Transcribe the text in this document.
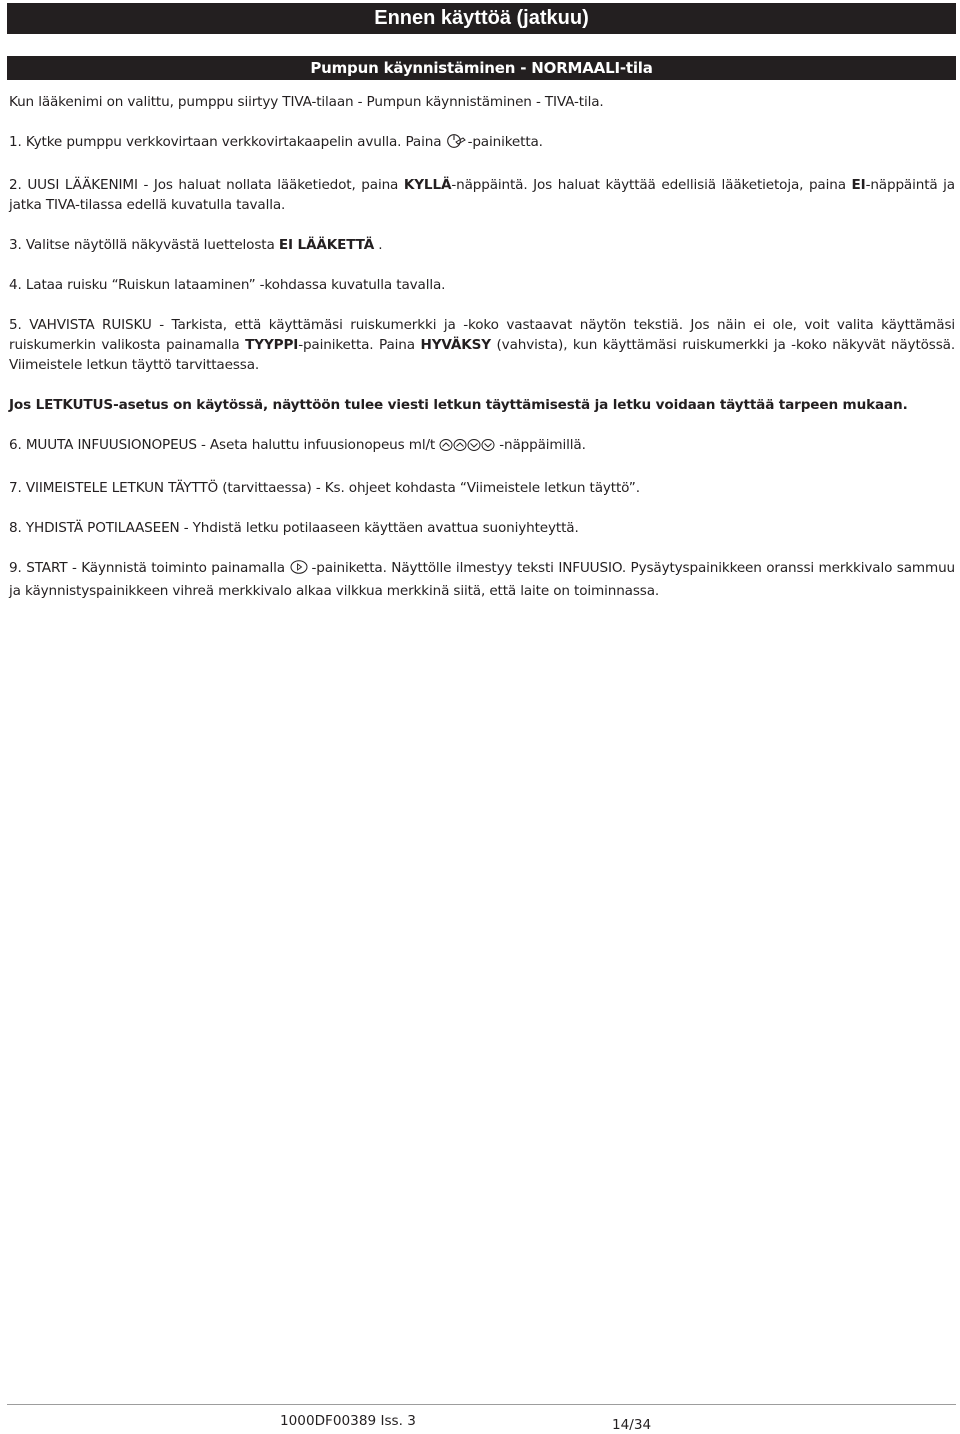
Ennen käyttöä (jatkuu)
Pumpun käynnistäminen - NORMAALI-tila

Kun lääkenimi on valittu, pumppu siirtyy TIVA-tilaan - Pumpun käynnistäminen - TIVA-tila.

1. Kytke pumppu verkkovirtaan verkkovirtakaapelin avulla. Paina -painiketta.

2. UUSI LÄÄKENIMI - Jos haluat nollata lääketiedot, paina KYLLÄ-näppäintä. Jos haluat käyttää edellisiä lääketietoja, paina EI-näppäintä ja jatka TIVA-tilassa edellä kuvatulla tavalla.

3. Valitse näytöllä näkyvästä luettelosta EI LÄÄKETTÄ .

4. Lataa ruisku “Ruiskun lataaminen” -kohdassa kuvatulla tavalla.

5. VAHVISTA RUISKU - Tarkista, että käyttämäsi ruiskumerkki ja -koko vastaavat näytön tekstiä. Jos näin ei ole, voit valita käyttämäsi ruiskumerkin valikosta painamalla TYYPPI-painiketta. Paina HYVÄKSY (vahvista), kun käyttämäsi ruiskumerkki ja -koko näkyvät näytössä. Viimeistele letkun täyttö tarvittaessa.

Jos LETKUTUS-asetus on käytössä, näyttöön tulee viesti letkun täyttämisestä ja letku voidaan täyttää tarpeen mukaan.

6. MUUTA INFUUSIONOPEUS - Aseta haluttu infuusionopeus ml/t	-näppäimillä.

7. VIIMEISTELE LETKUN TÄYTTÖ (tarvittaessa) - Ks. ohjeet kohdasta “Viimeistele letkun täyttö”.

8. YHDISTÄ POTILAASEEN - Yhdistä letku potilaaseen käyttäen avattua suoniyhteyttä.

9. START - Käynnistä toiminto painamalla -painiketta. Näyttölle ilmestyy teksti INFUUSIO. Pysäytyspainikkeen oranssi merkkivalo sammuu ja käynnistyspainikkeen vihreä merkkivalo alkaa vilkkua merkkinä siitä, että laite on toiminnassa.

1000DF00389 Iss. 3	14/34
